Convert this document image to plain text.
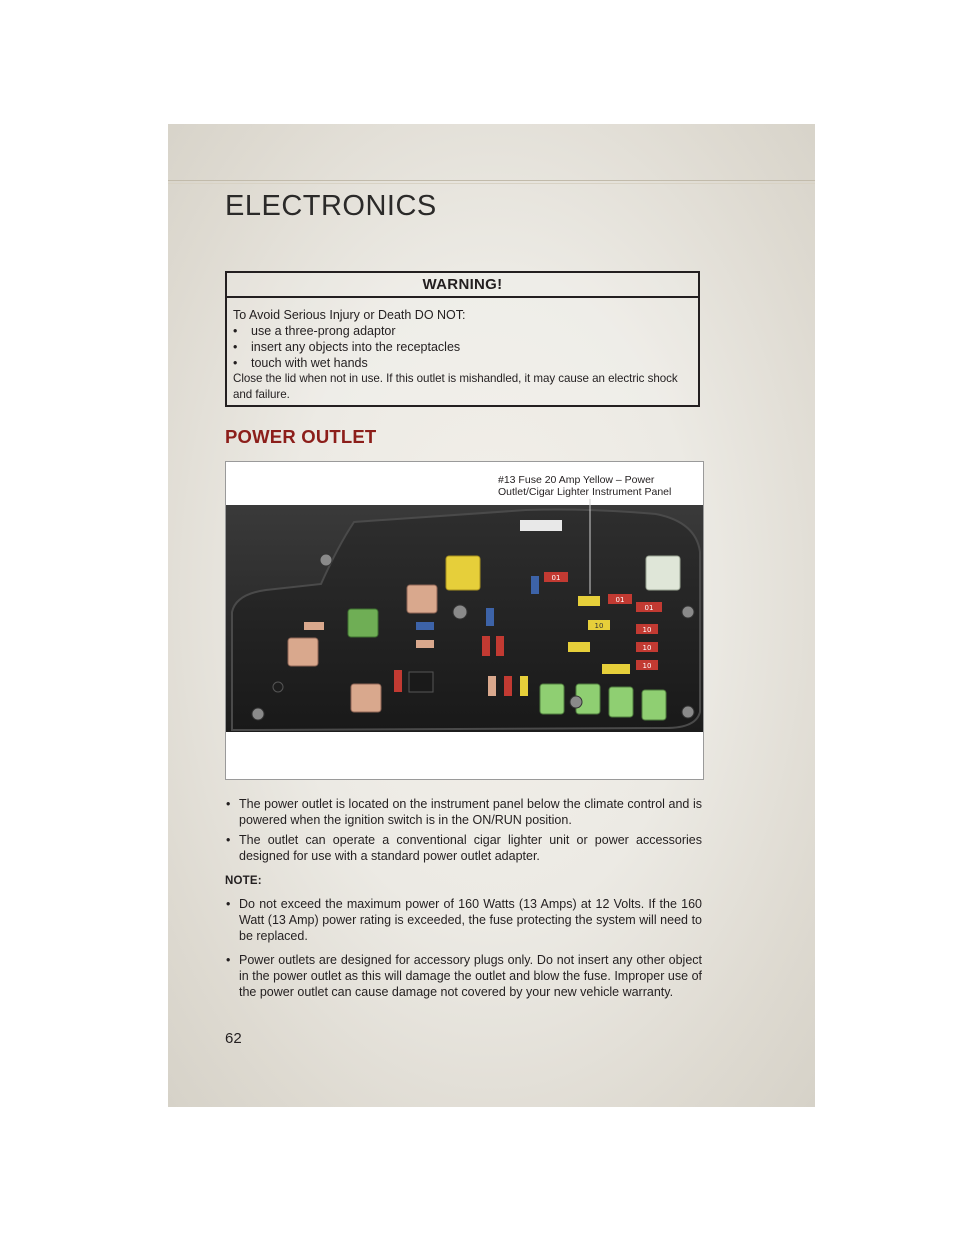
ELECTRONICS
WARNING!
To Avoid Serious Injury or Death DO NOT:
• use a three-prong adaptor
• insert any objects into the receptacles
• touch with wet hands
Close the lid when not in use. If this outlet is mishandled, it may cause an electric shock and failure.
POWER OUTLET
01
01
01
10
10
10
10
#13 Fuse 20 Amp Yellow – Power Outlet/Cigar Lighter Instrument Panel
• The power outlet is located on the instrument panel below the climate control and is powered when the ignition switch is in the ON/RUN position.
• The outlet can operate a conventional cigar lighter unit or power accessories designed for use with a standard power outlet adapter.
NOTE:
• Do not exceed the maximum power of 160 Watts (13 Amps) at 12 Volts. If the 160 Watt (13 Amp) power rating is exceeded, the fuse protecting the system will need to be replaced.
• Power outlets are designed for accessory plugs only. Do not insert any other object in the power outlet as this will damage the outlet and blow the fuse. Improper use of the power outlet can cause damage not covered by your new vehicle warranty.
62
